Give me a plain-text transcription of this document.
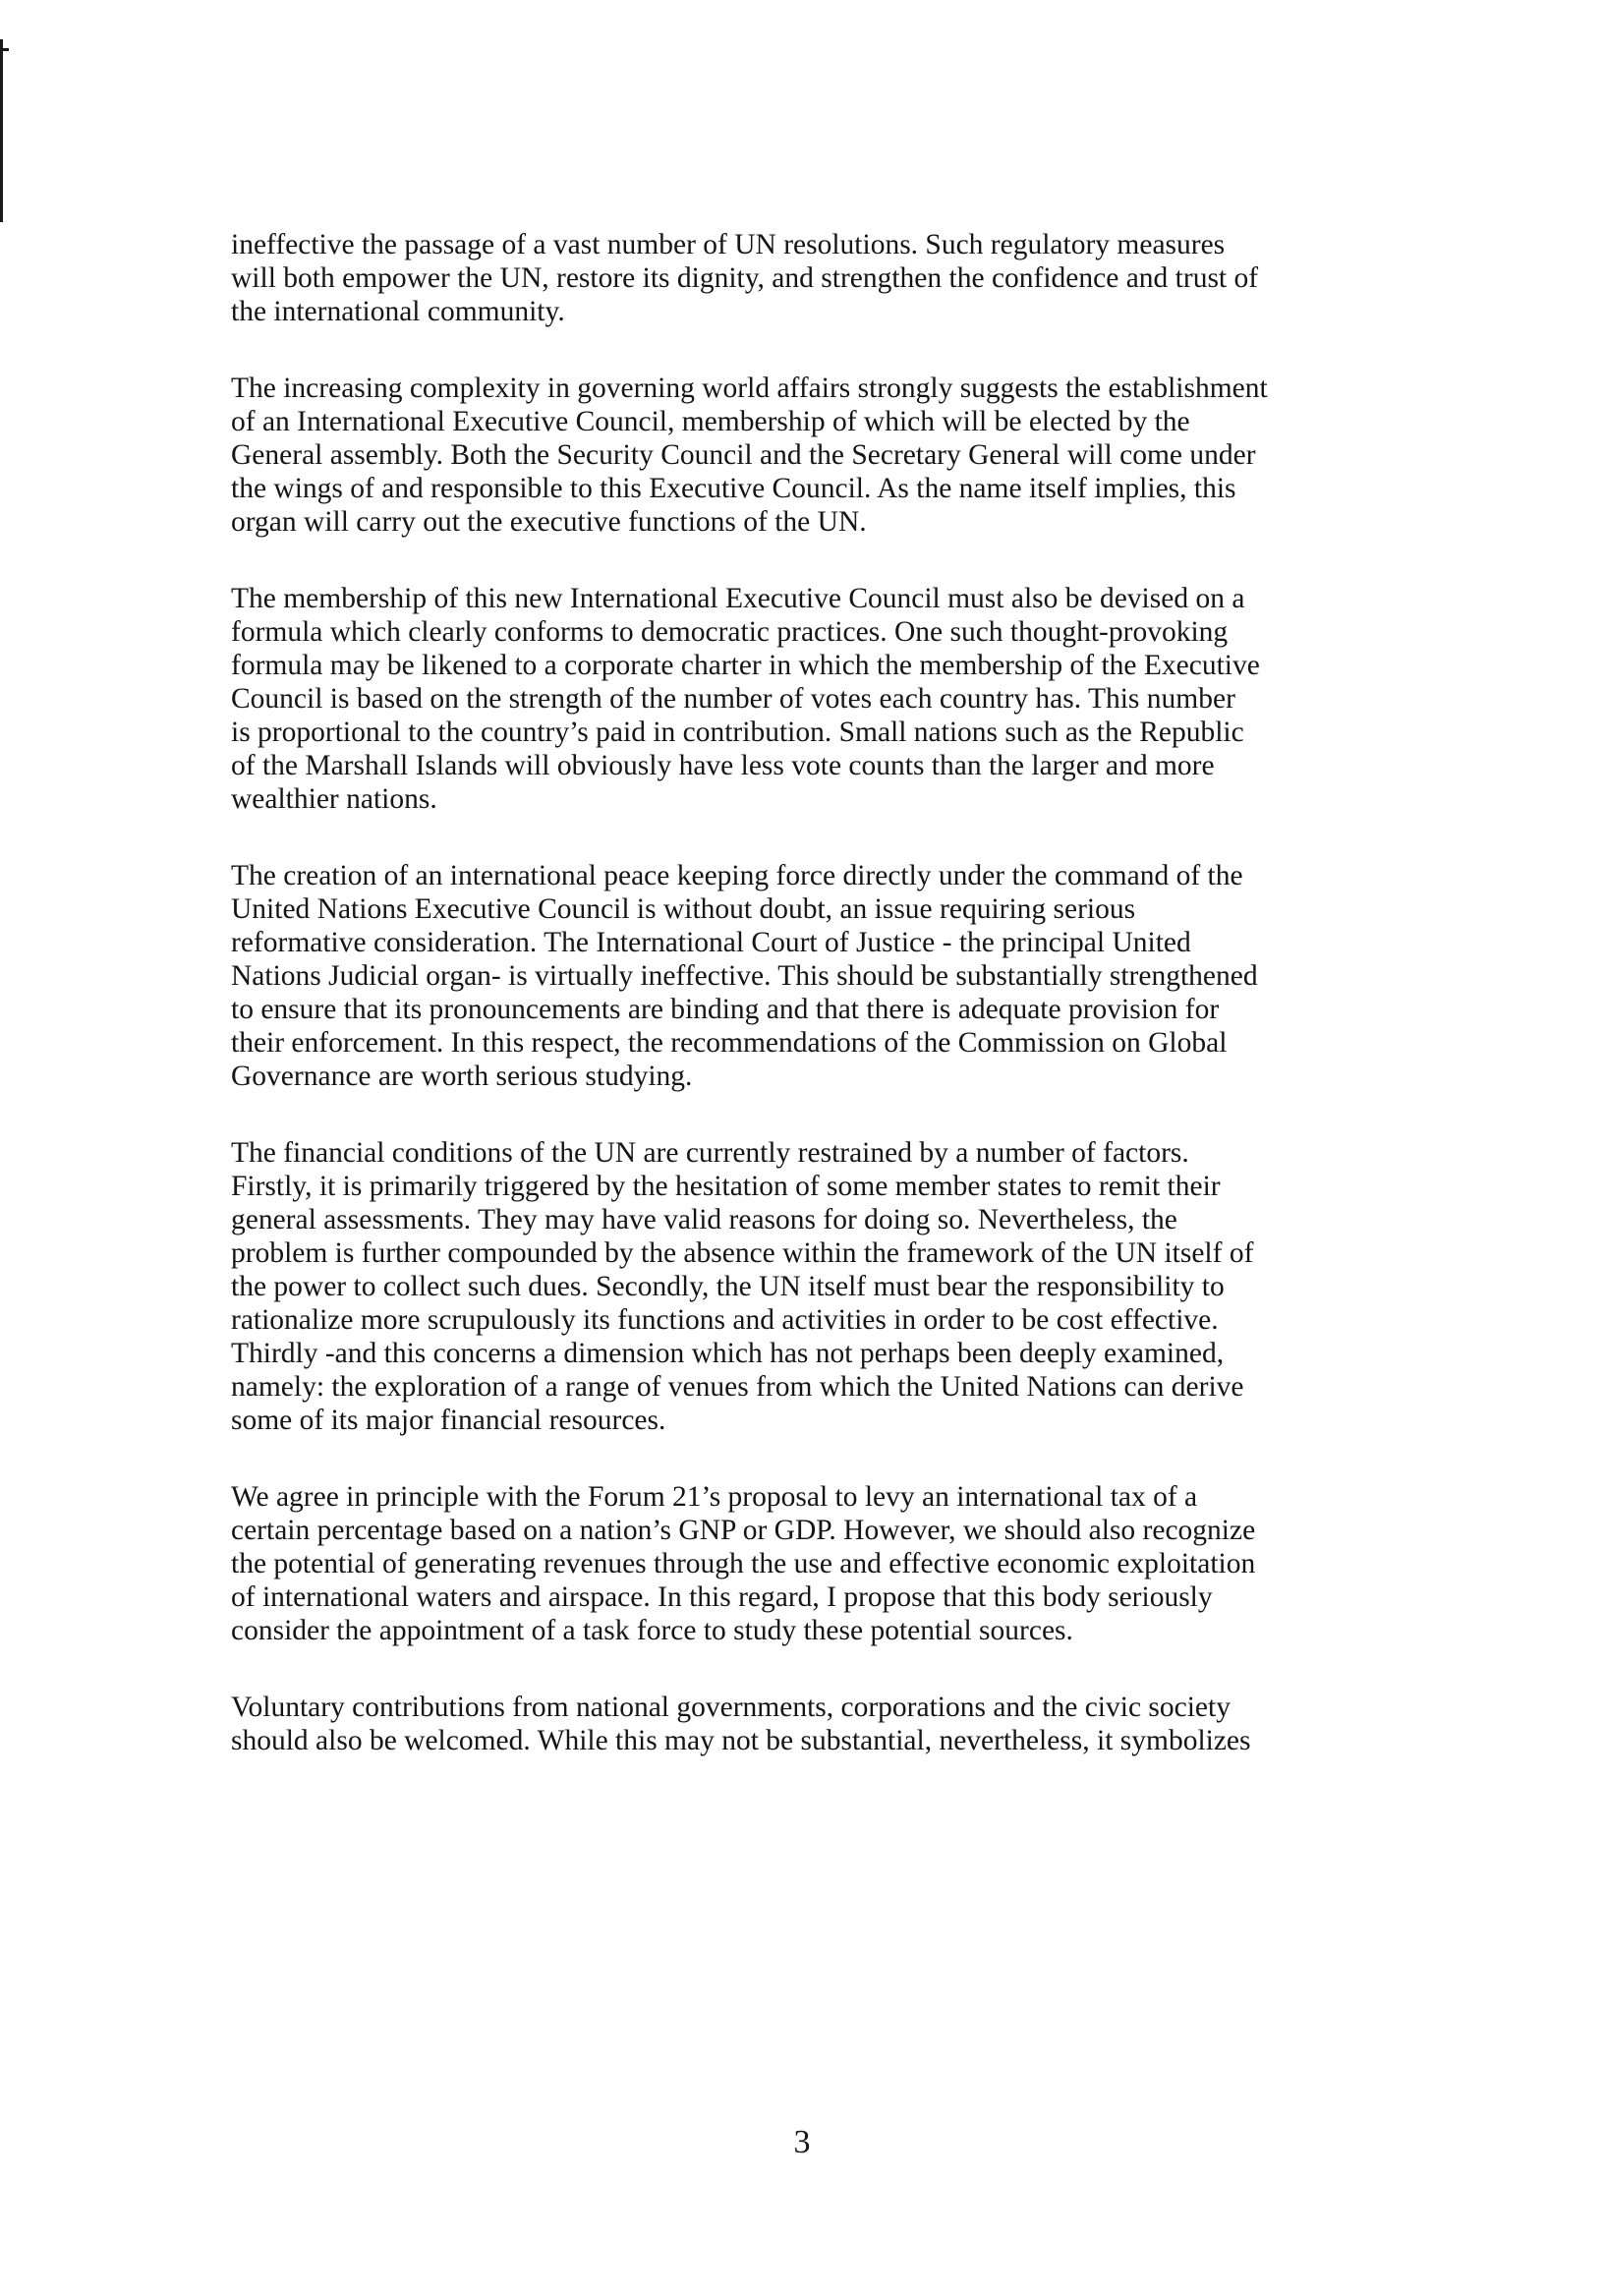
ineffective the passage of a vast number of UN resolutions. Such regulatory measures
will both empower the UN, restore its dignity, and strengthen the confidence and trust of
the international community.

The increasing complexity in governing world affairs strongly suggests the establishment
of an International Executive Council, membership of which will be elected by the
General assembly. Both the Security Council and the Secretary General will come under
the wings of and responsible to this Executive Council. As the name itself implies, this
organ will carry out the executive functions of the UN.

The membership of this new International Executive Council must also be devised on a
formula which clearly conforms to democratic practices. One such thought-provoking
formula may be likened to a corporate charter in which the membership of the Executive
Council is based on the strength of the number of votes each country has. This number
is proportional to the country’s paid in contribution. Small nations such as the Republic
of the Marshall Islands will obviously have less vote counts than the larger and more
wealthier nations.

The creation of an international peace keeping force directly under the command of the
United Nations Executive Council is without doubt, an issue requiring serious
reformative consideration. The International Court of Justice - the principal United
Nations Judicial organ- is virtually ineffective. This should be substantially strengthened
to ensure that its pronouncements are binding and that there is adequate provision for
their enforcement. In this respect, the recommendations of the Commission on Global
Governance are worth serious studying.

The financial conditions of the UN are currently restrained by a number of factors.
Firstly, it is primarily triggered by the hesitation of some member states to remit their
general assessments. They may have valid reasons for doing so. Nevertheless, the
problem is further compounded by the absence within the framework of the UN itself of
the power to collect such dues. Secondly, the UN itself must bear the responsibility to
rationalize more scrupulously its functions and activities in order to be cost effective.
Thirdly -and this concerns a dimension which has not perhaps been deeply examined,
namely: the exploration of a range of venues from which the United Nations can derive
some of its major financial resources.

We agree in principle with the Forum 21’s proposal to levy an international tax of a
certain percentage based on a nation’s GNP or GDP. However, we should also recognize
the potential of generating revenues through the use and effective economic exploitation
of international waters and airspace. In this regard, I propose that this body seriously
consider the appointment of a task force to study these potential sources.

Voluntary contributions from national governments, corporations and the civic society
should also be welcomed. While this may not be substantial, nevertheless, it symbolizes

3
